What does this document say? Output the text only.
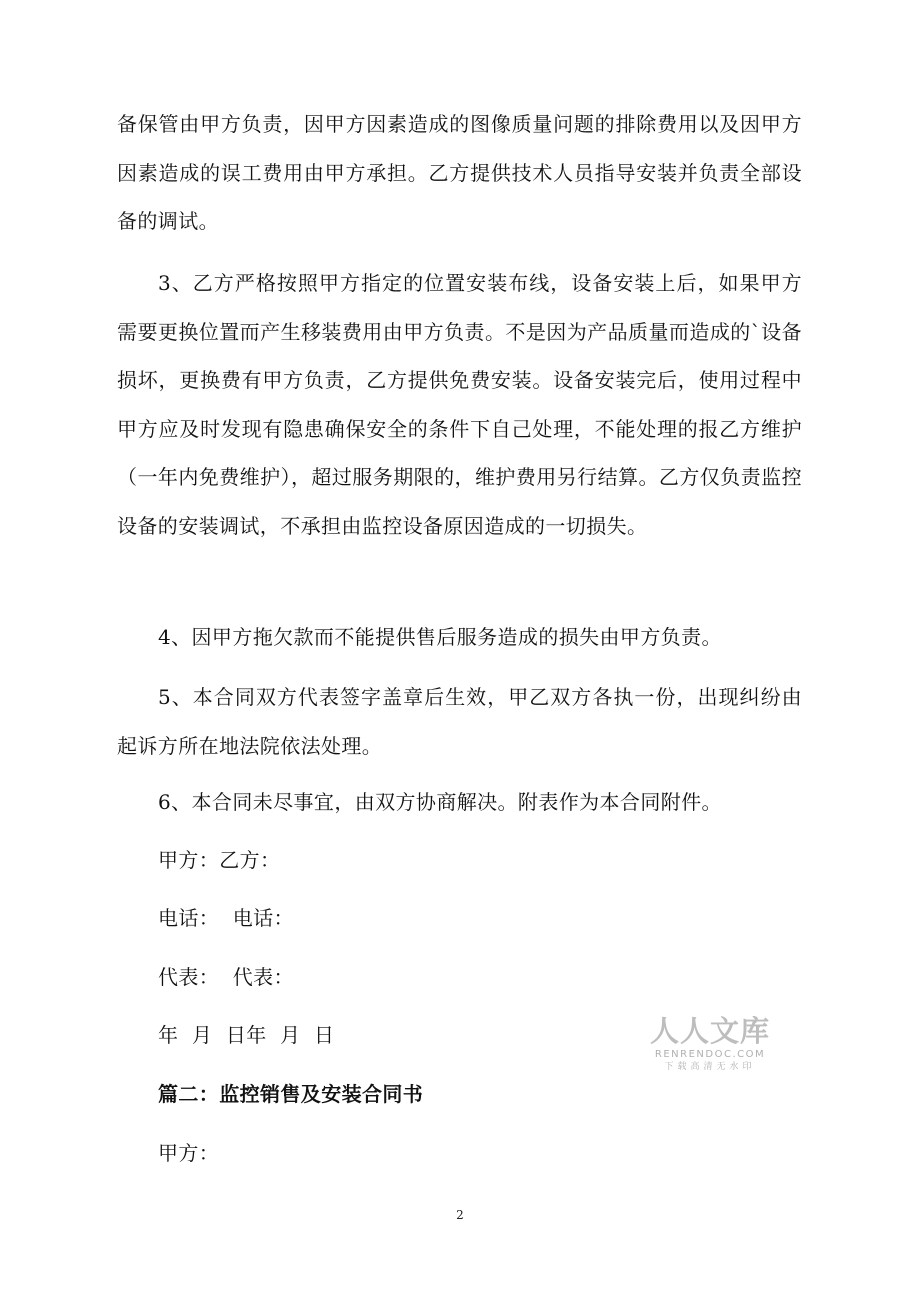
备保管由甲方负责，因甲方因素造成的图像质量问题的排除费用以及因甲方因素造成的误工费用由甲方承担。乙方提供技术人员指导安装并负责全部设备的调试。

3、乙方严格按照甲方指定的位置安装布线，设备安装上后，如果甲方需要更换位置而产生移装费用由甲方负责。不是因为产品质量而造成的`设备损坏，更换费有甲方负责，乙方提供免费安装。设备安装完后，使用过程中甲方应及时发现有隐患确保安全的条件下自己处理，不能处理的报乙方维护（一年内免费维护），超过服务期限的，维护费用另行结算。乙方仅负责监控设备的安装调试，不承担由监控设备原因造成的一切损失。

4、因甲方拖欠款而不能提供售后服务造成的损失由甲方负责。

5、本合同双方代表签字盖章后生效，甲乙双方各执一份，出现纠纷由起诉方所在地法院依法处理。

6、本合同未尽事宜，由双方协商解决。附表作为本合同附件。

甲方：乙方：

电话：  电话：

代表：  代表：

年  月  日年  月  日

篇二：监控销售及安装合同书

甲方：

人人文库
RENRENDOC.COM
下载高清无水印
2
